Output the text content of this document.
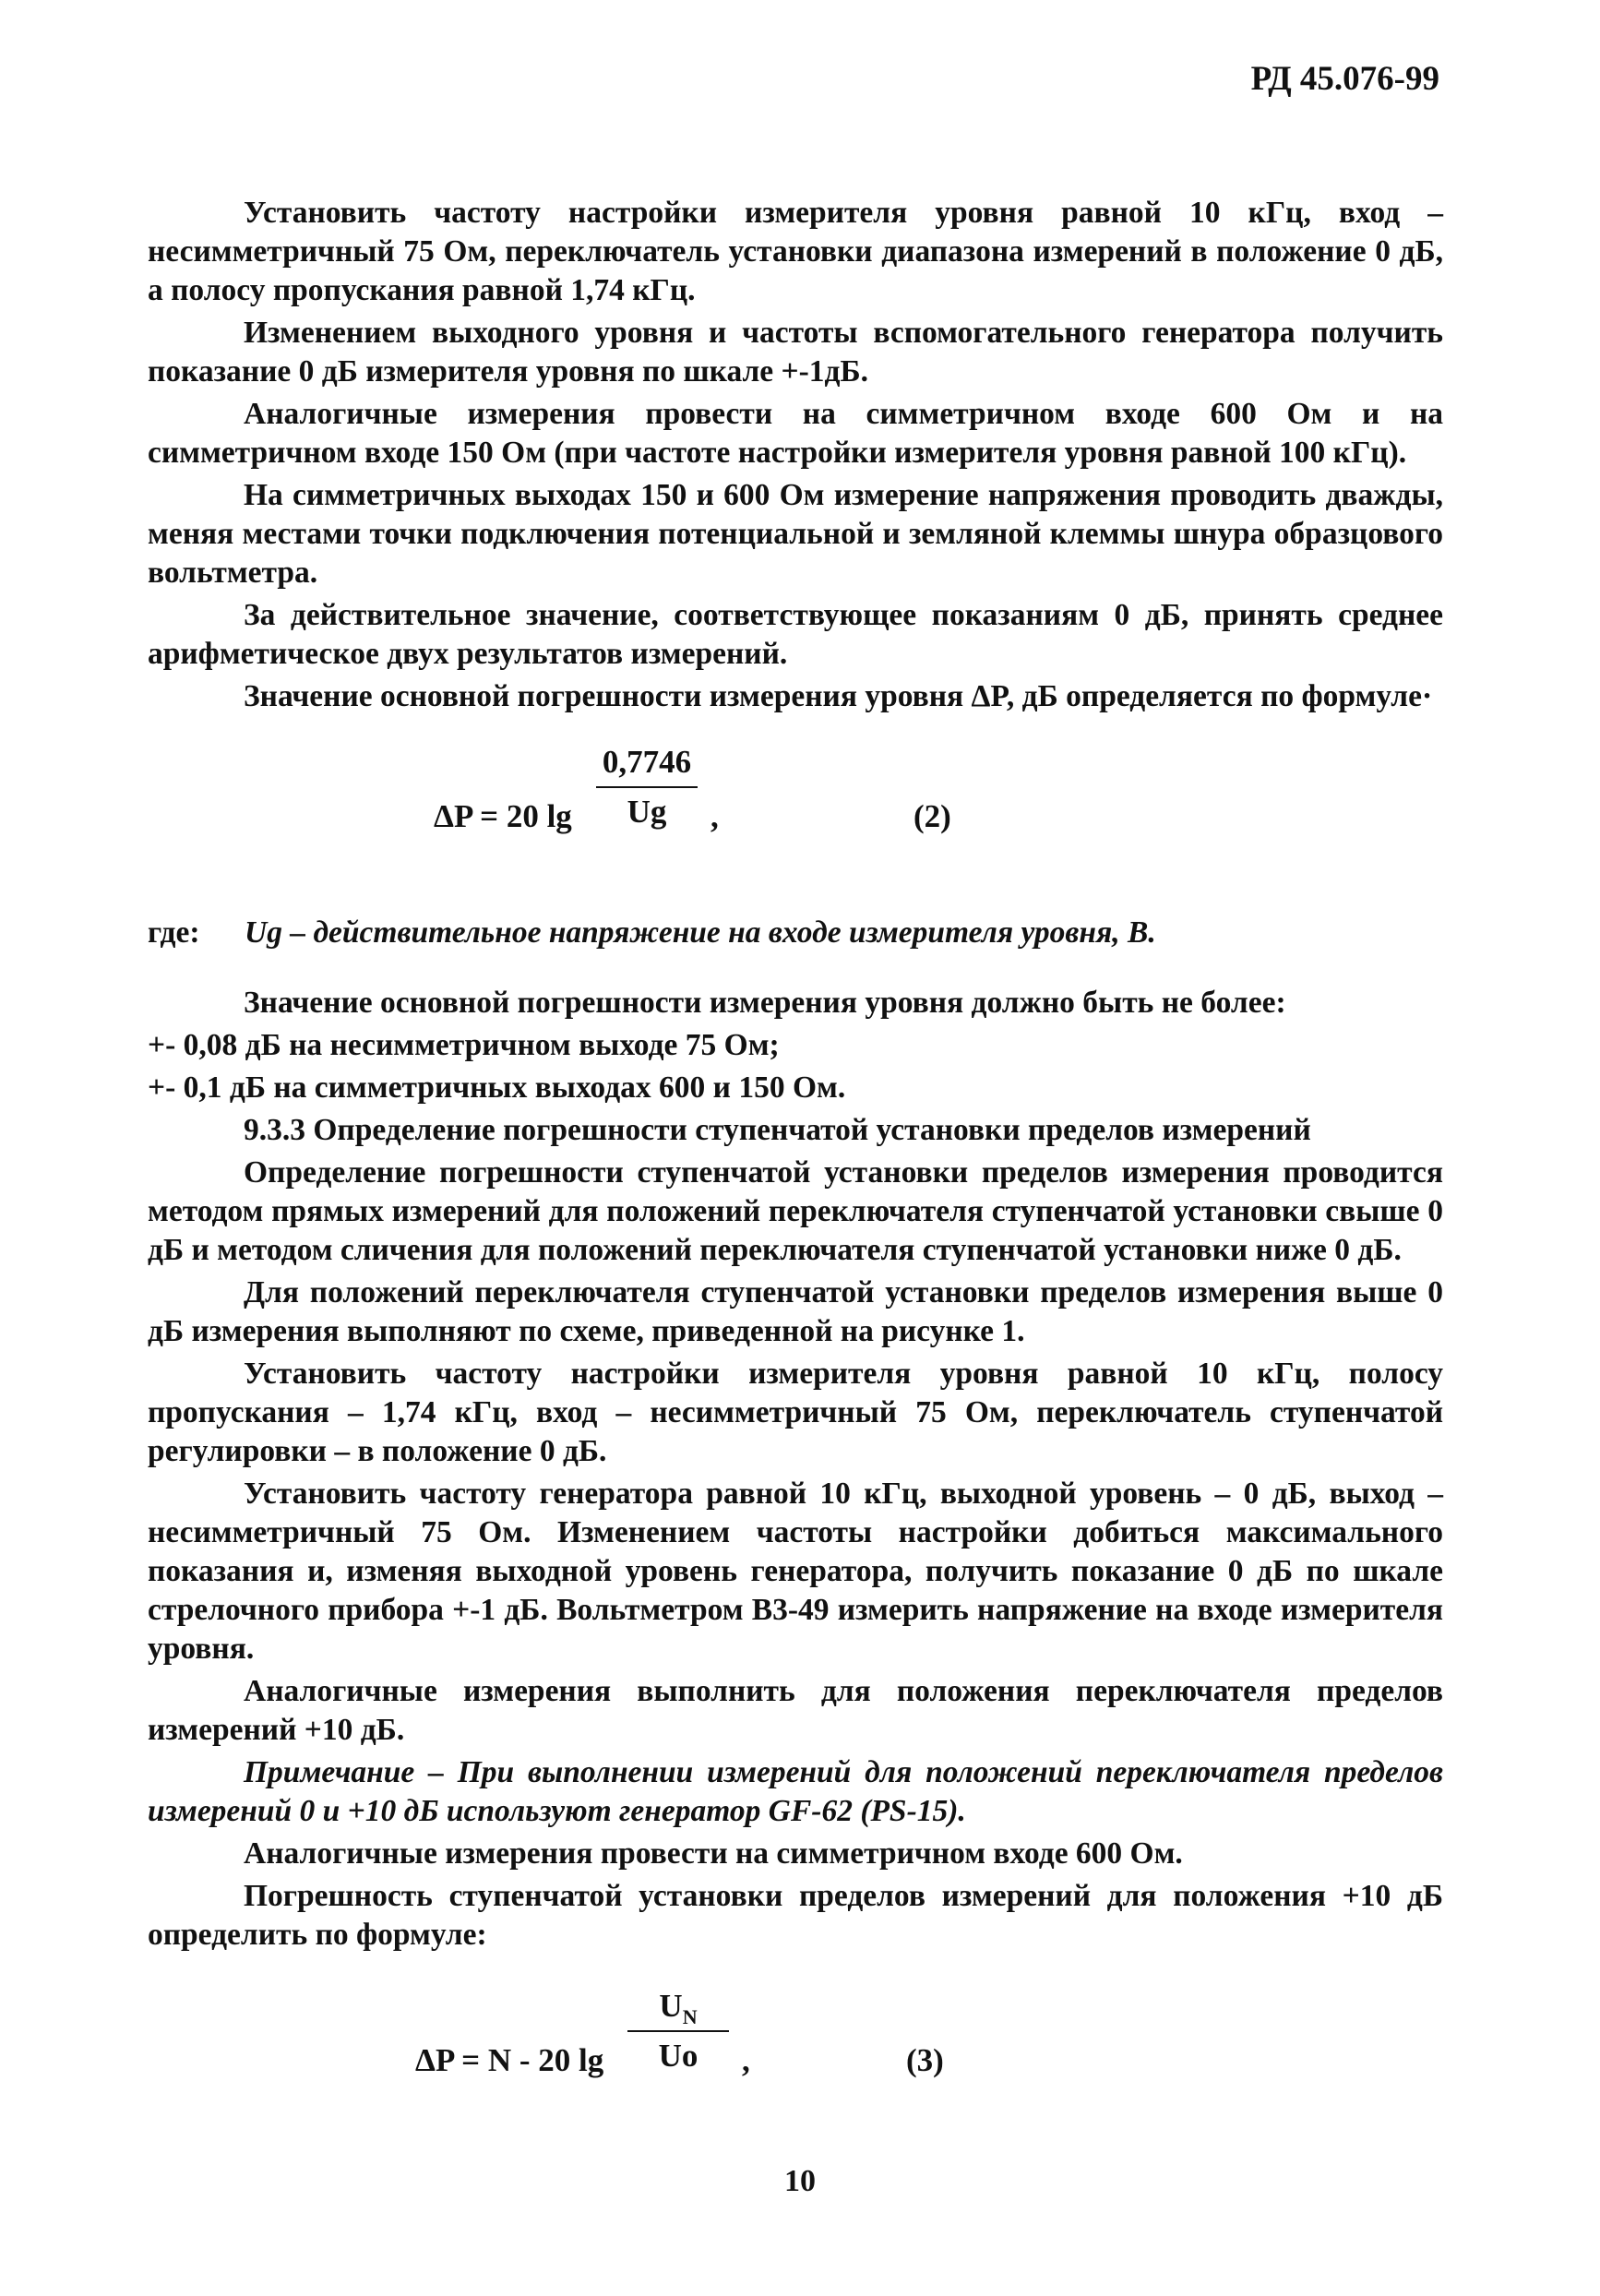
РД 45.076-99

Установить частоту настройки измерителя уровня равной 10 кГц, вход – несимметричный 75 Ом, переключатель установки диапазона измерений в положение 0 дБ, а полосу пропускания равной 1,74 кГц.

Изменением выходного уровня и частоты вспомогательного генератора получить показание 0 дБ измерителя уровня по шкале +-1дБ.

Аналогичные измерения провести на симметричном входе 600 Ом и на симметричном входе 150 Ом (при частоте настройки измерителя уровня равной 100 кГц).

На симметричных выходах 150 и 600 Ом измерение напряжения проводить дважды, меняя местами точки подключения потенциальной и земляной клеммы шнура образцового вольтметра.

За действительное значение, соответствующее показаниям 0 дБ, принять среднее арифметическое двух результатов измерений.

Значение основной погрешности измерения уровня ΔP, дБ определяется по формуле·

ΔP = 20 lg
0,7746
Ug	,	(2)
где:	Ug – действительное напряжение на входе измерителя уровня, В.

Значение основной погрешности измерения уровня должно быть не более:

+- 0,08 дБ на несимметричном выходе 75 Ом;

+- 0,1 дБ на симметричных выходах 600 и 150 Ом.

9.3.3 Определение погрешности ступенчатой установки пределов измерений

Определение погрешности ступенчатой установки пределов измерения проводится методом прямых измерений для положений переключателя ступенчатой установки свыше 0 дБ и методом сличения для положений переключателя ступенчатой установки ниже 0 дБ.

Для положений переключателя ступенчатой установки пределов измерения выше 0 дБ измерения выполняют по схеме, приведенной на рисунке 1.

Установить частоту настройки измерителя уровня равной 10 кГц, полосу пропускания – 1,74 кГц, вход – несимметричный 75 Ом, переключатель ступенчатой регулировки – в положение 0 дБ.

Установить частоту генератора равной 10 кГц, выходной уровень – 0 дБ, выход – несимметричный 75 Ом. Изменением частоты настройки добиться максимального показания и, изменяя выходной уровень генератора, получить показание 0 дБ по шкале стрелочного прибора +-1 дБ. Вольтметром В3-49 измерить напряжение на входе измерителя уровня.

Аналогичные измерения выполнить для положения переключателя пределов измерений +10 дБ.

Примечание – При выполнении измерений для положений переключателя пределов измерений 0 и +10 дБ используют генератор GF-62 (PS-15).

Аналогичные измерения провести на симметричном входе 600 Ом.

Погрешность ступенчатой установки пределов измерений для положения +10 дБ определить по формуле:

ΔP = N - 20 lg
$U_N$
Uo	,	(3)
10
